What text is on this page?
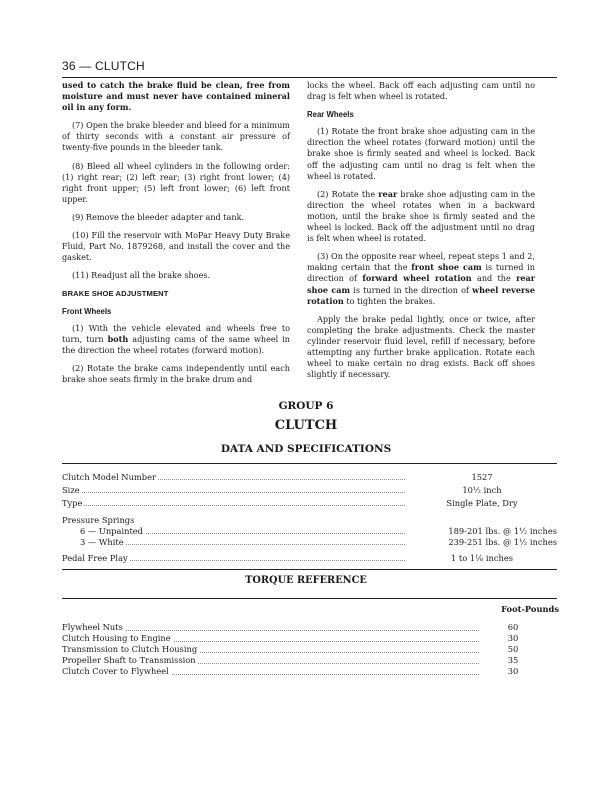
36 — CLUTCH

used to catch the brake fluid be clean, free from moisture and must never have contained mineral oil in any form.

(7) Open the brake bleeder and bleed for a minimum of thirty seconds with a constant air pressure of twenty-five pounds in the bleeder tank.

(8) Bleed all wheel cylinders in the following order: (1) right rear; (2) left rear; (3) right front lower; (4) right front upper; (5) left front lower; (6) left front upper.

(9) Remove the bleeder adapter and tank.

(10) Fill the reservoir with MoPar Heavy Duty Brake Fluid, Part No. 1879268, and install the cover and the gasket.

(11) Readjust all the brake shoes.

BRAKE SHOE ADJUSTMENT
Front Wheels

(1) With the vehicle elevated and wheels free to turn, turn both adjusting cams of the same wheel in the direction the wheel rotates (forward motion).

(2) Rotate the brake cams independently until each brake shoe seats firmly in the brake drum and

locks the wheel. Back off each adjusting cam until no drag is felt when wheel is rotated.

Rear Wheels

(1) Rotate the front brake shoe adjusting cam in the direction the wheel rotates (forward motion) until the brake shoe is firmly seated and wheel is locked. Back off the adjusting cam until no drag is felt when the wheel is rotated.

(2) Rotate the rear brake shoe adjusting cam in the direction the wheel rotates when in a backward motion, until the brake shoe is firmly seated and the wheel is locked. Back off the adjustment until no drag is felt when wheel is rotated.

(3) On the opposite rear wheel, repeat steps 1 and 2, making certain that the front shoe cam is turned in direction of forward wheel rotation and the rear shoe cam is turned in the direction of wheel reverse rotation to tighten the brakes.

Apply the brake pedal lightly, once or twice, after completing the brake adjustments. Check the master cylinder reservoir fluid level, refill if necessary, before attempting any further brake application. Rotate each wheel to make certain no drag exists. Back off shoes slightly if necessary.

GROUP 6
CLUTCH
DATA AND SPECIFICATIONS
Clutch Model Number	1527
Size	10½ inch
Type	Single Plate, Dry
Pressure Springs
6 — Unpainted	189-201 lbs. @ 1½ inches
3 — White	239-251 lbs. @ 1½ inches
Pedal Free Play	1 to 1⅛ inches
TORQUE REFERENCE
Foot-Pounds
Flywheel Nuts	60
Clutch Housing to Engine	30
Transmission to Clutch Housing	50
Propeller Shaft to Transmission	35
Clutch Cover to Flywheel	30
